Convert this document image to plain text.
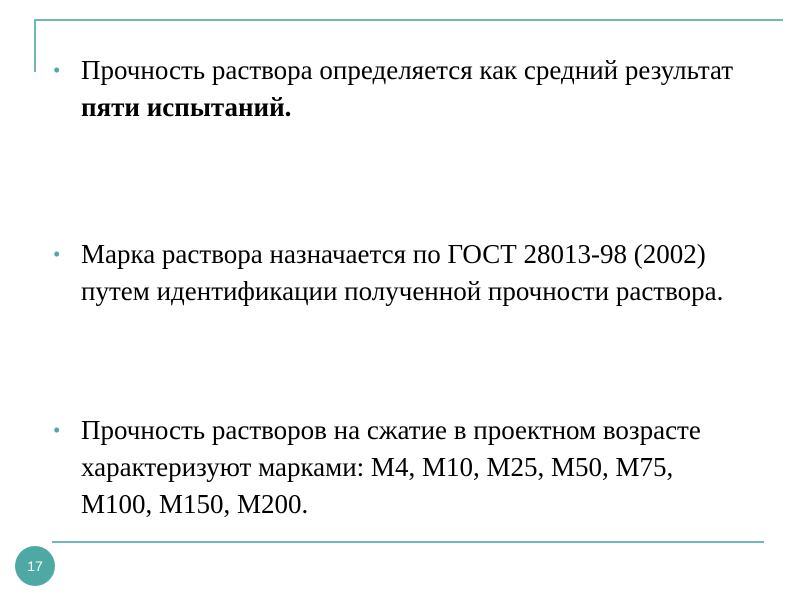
• Прочность раствора определяется как средний результат пяти испытаний.
• Марка раствора назначается по ГОСТ 28013-98 (2002) путем идентификации полученной прочности раствора.
• Прочность растворов на сжатие в проектном возрасте характеризуют марками: М4, М10, М25, М50, М75, М100, М150, М200.
17
